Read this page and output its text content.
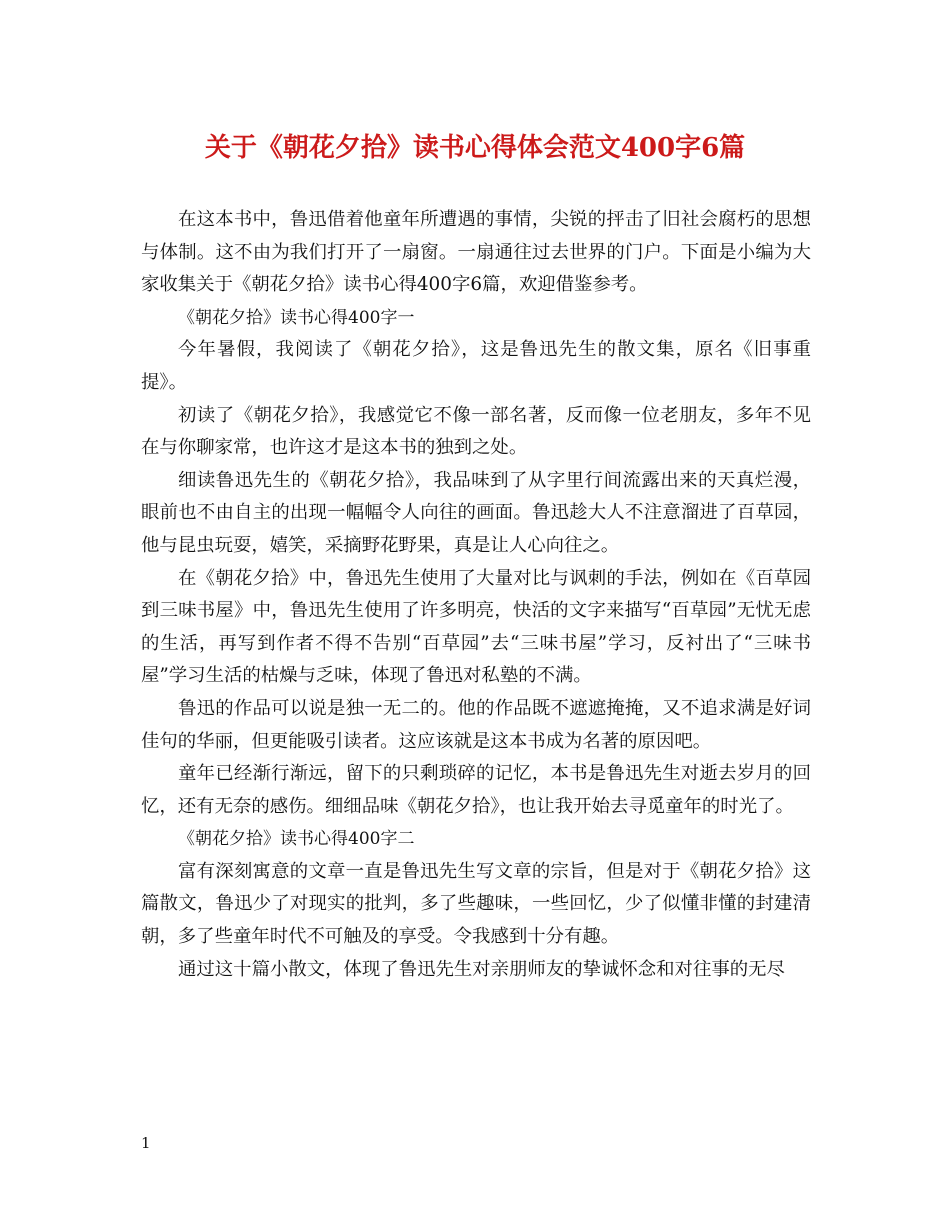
关于《朝花夕拾》读书心得体会范文400字6篇

在这本书中，鲁迅借着他童年所遭遇的事情，尖锐的抨击了旧社会腐朽的思想与体制。这不由为我们打开了一扇窗。一扇通往过去世界的门户。下面是小编为大家收集关于《朝花夕拾》读书心得400字6篇，欢迎借鉴参考。

《朝花夕拾》读书心得400字一

今年暑假，我阅读了《朝花夕拾》，这是鲁迅先生的散文集，原名《旧事重提》。

初读了《朝花夕拾》，我感觉它不像一部名著，反而像一位老朋友，多年不见在与你聊家常，也许这才是这本书的独到之处。

细读鲁迅先生的《朝花夕拾》，我品味到了从字里行间流露出来的天真烂漫，眼前也不由自主的出现一幅幅令人向往的画面。鲁迅趁大人不注意溜进了百草园，他与昆虫玩耍，嬉笑，采摘野花野果，真是让人心向往之。

在《朝花夕拾》中，鲁迅先生使用了大量对比与讽刺的手法，例如在《百草园到三味书屋》中，鲁迅先生使用了许多明亮，快活的文字来描写“百草园”无忧无虑的生活，再写到作者不得不告别“百草园”去“三味书屋”学习，反衬出了“三味书屋”学习生活的枯燥与乏味，体现了鲁迅对私塾的不满。

鲁迅的作品可以说是独一无二的。他的作品既不遮遮掩掩，又不追求满是好词佳句的华丽，但更能吸引读者。这应该就是这本书成为名著的原因吧。

童年已经渐行渐远，留下的只剩琐碎的记忆，本书是鲁迅先生对逝去岁月的回忆，还有无奈的感伤。细细品味《朝花夕拾》，也让我开始去寻觅童年的时光了。

《朝花夕拾》读书心得400字二

富有深刻寓意的文章一直是鲁迅先生写文章的宗旨，但是对于《朝花夕拾》这篇散文，鲁迅少了对现实的批判，多了些趣味，一些回忆，少了似懂非懂的封建清朝，多了些童年时代不可触及的享受。令我感到十分有趣。

通过这十篇小散文，体现了鲁迅先生对亲朋师友的挚诚怀念和对往事的无尽

1
